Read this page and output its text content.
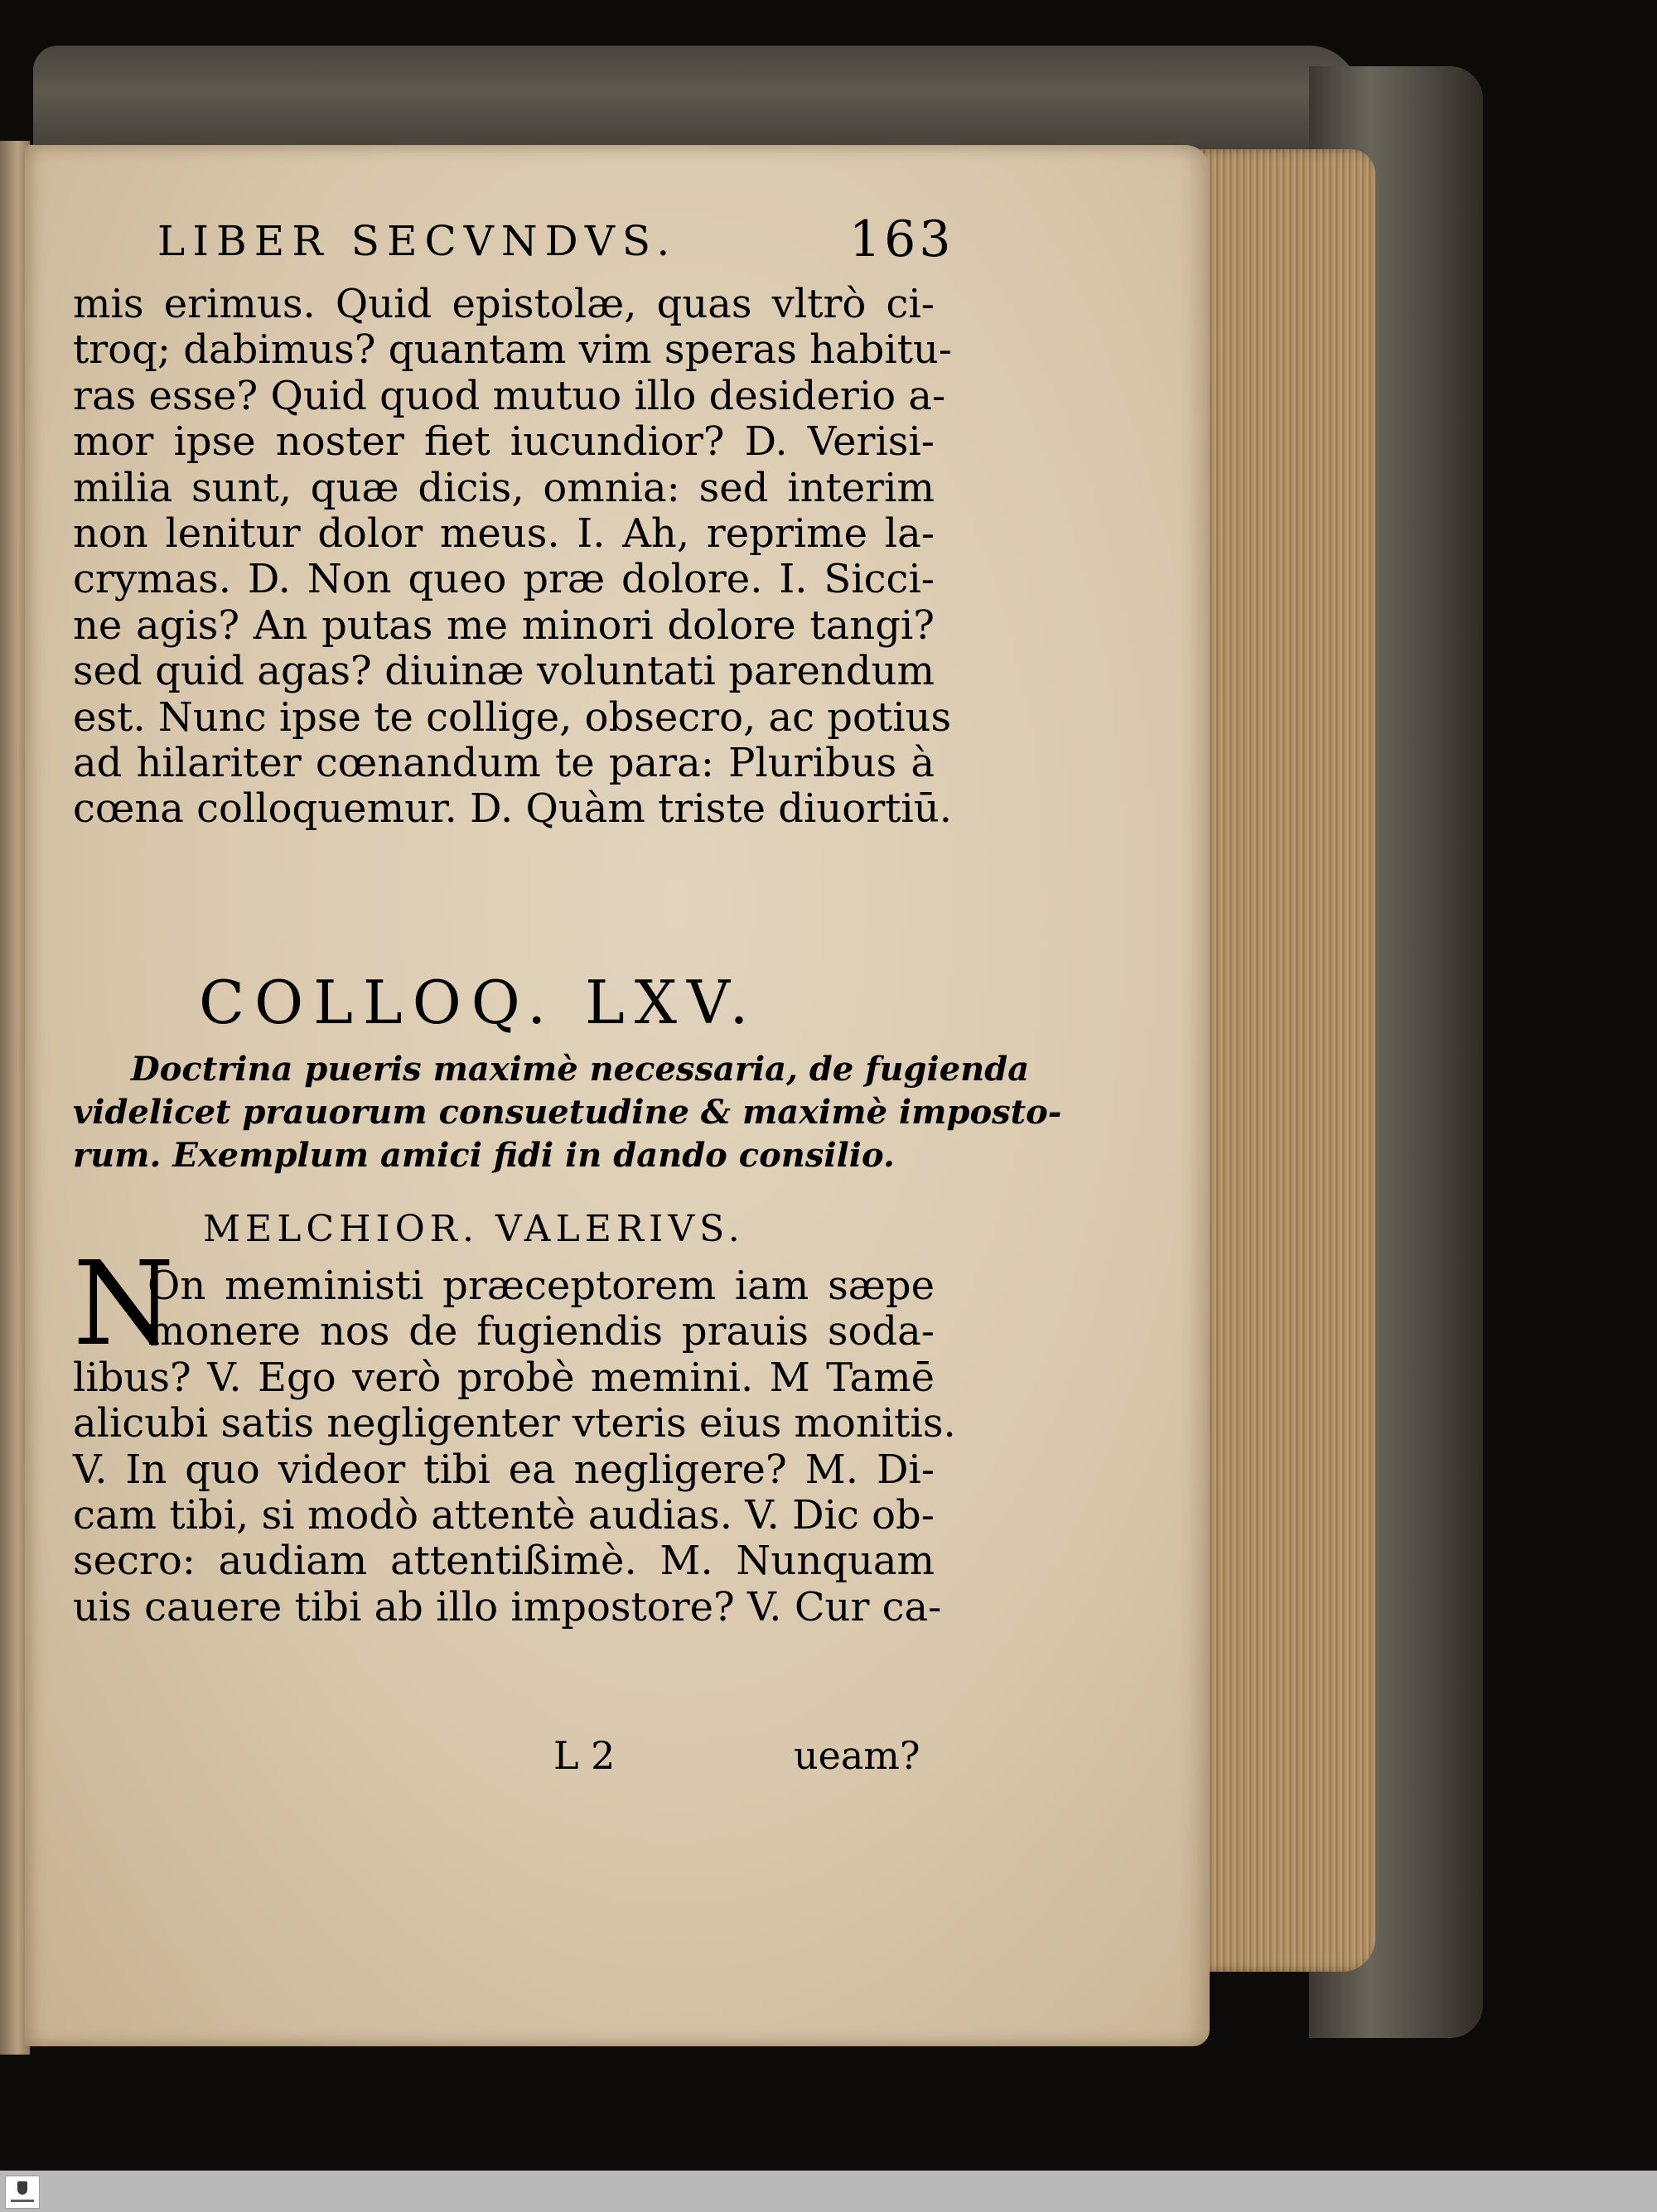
LIBER SECVNDVS.	163
mis erimus. Quid epistolæ, quas vltrò ci-
troq; dabimus? quantam vim speras habitu-
ras esse? Quid quod mutuo illo desiderio a-
mor ipse noster fiet iucundior? D. Verisi-
milia sunt, quæ dicis, omnia: sed interim
non lenitur dolor meus. I. Ah, reprime la-
crymas. D. Non queo præ dolore. I. Sicci-
ne agis? An putas me minori dolore tangi?
sed quid agas? diuinæ voluntati parendum
est. Nunc ipse te collige, obsecro, ac potius
ad hilariter cœnandum te para: Pluribus à
cœna colloquemur. D. Quàm triste diuortiū.
COLLOQ. LXV.
Doctrina pueris maximè necessaria, de fugienda
videlicet prauorum consuetudine & maximè imposto-
rum. Exemplum amici fidi in dando consilio.
MELCHIOR. VALERIVS.
N
On meministi præceptorem iam sæpe
monere nos de fugiendis prauis soda-
libus? V. Ego verò probè memini. M Tamē
alicubi satis negligenter vteris eius monitis.
V. In quo videor tibi ea negligere? M. Di-
cam tibi, si modò attentè audias. V. Dic ob-
secro: audiam attentißimè. M. Nunquam
uis cauere tibi ab illo impostore? V. Cur ca-
L 2	ueam?
